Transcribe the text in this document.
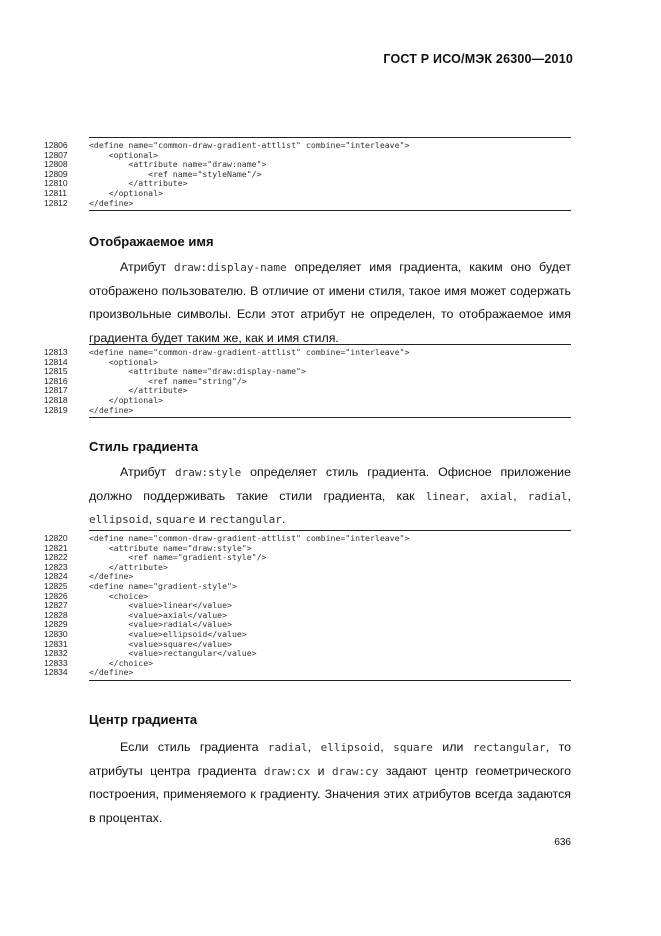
ГОСТ Р ИСО/МЭК 26300—2010
12806	<define name="common-draw-gradient-attlist" combine="interleave">
12807	<optional>
12808	<attribute name="draw:name">
12809	<ref name="styleName"/>
12810	</attribute>
12811	</optional>
12812	</define>
Отображаемое имя
Атрибут draw:display-name определяет имя градиента, каким оно будет отображено пользователю. В отличие от имени стиля, такое имя может содержать произвольные символы. Если этот атрибут не определен, то отображаемое имя градиента будет таким же, как и имя стиля.
12813	<define name="common-draw-gradient-attlist" combine="interleave">
12814	<optional>
12815	<attribute name="draw:display-name">
12816	<ref name="string"/>
12817	</attribute>
12818	</optional>
12819	</define>
Стиль градиента
Атрибут draw:style определяет стиль градиента. Офисное приложение должно поддерживать такие стили градиента, как linear, axial, radial, ellipsoid, square и rectangular.
12820	<define name="common-draw-gradient-attlist" combine="interleave">
12821	<attribute name="draw:style">
12822	<ref name="gradient-style"/>
12823	</attribute>
12824	</define>
12825	<define name="gradient-style">
12826	<choice>
12827	<value>linear</value>
12828	<value>axial</value>
12829	<value>radial</value>
12830	<value>ellipsoid</value>
12831	<value>square</value>
12832	<value>rectangular</value>
12833	</choice>
12834	</define>
Центр градиента
Если стиль градиента radial, ellipsoid, square или rectangular, то атрибуты центра градиента draw:cx и draw:cy задают центр геометрического построения, применяемого к градиенту. Значения этих атрибутов всегда задаются в процентах.
636
